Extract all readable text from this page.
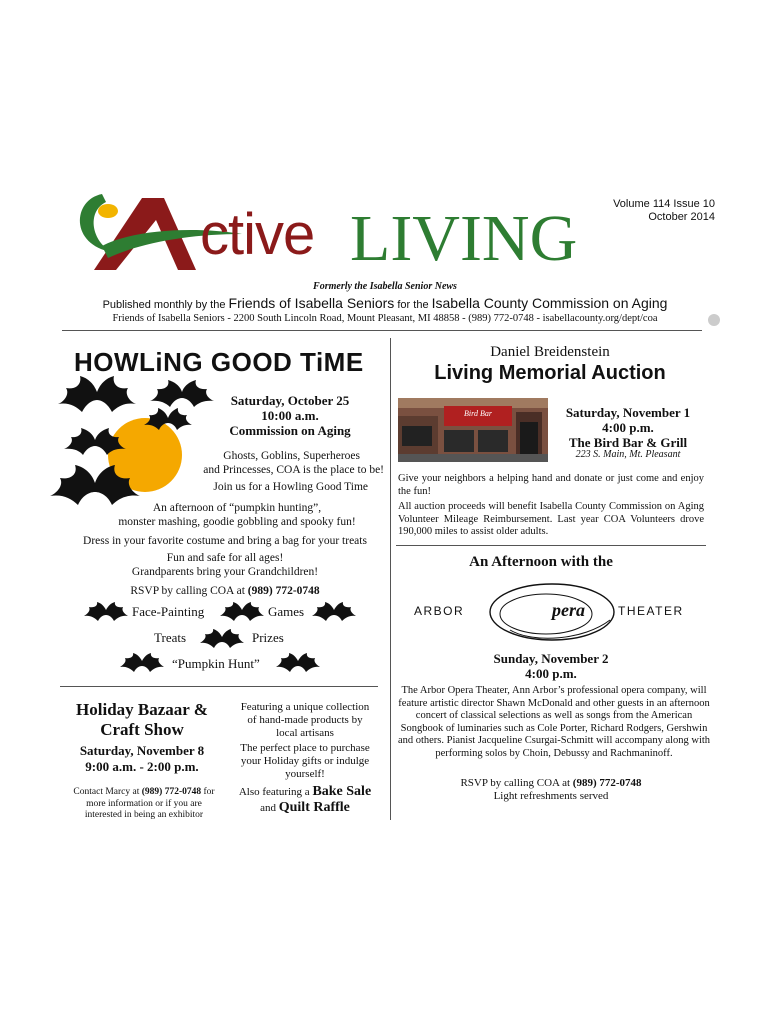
Volume 114 Issue 10
October 2014
ctive LIVING
Formerly the Isabella Senior News
Published monthly by the Friends of Isabella Seniors for the Isabella County Commission on Aging
Friends of Isabella Seniors - 2200 South Lincoln Road, Mount Pleasant, MI 48858 - (989) 772-0748 - isabellacounty.org/dept/coa
HOWLiNG GOOD TiME
Saturday, October 25
10:00 a.m.
Commission on Aging
Ghosts, Goblins, Superheroes
and Princesses, COA is the place to be!
Join us for a Howling Good Time
An afternoon of “pumpkin hunting”,
monster mashing, goodie gobbling and spooky fun!
Dress in your favorite costume and bring a bag for your treats
Fun and safe for all ages!
Grandparents bring your Grandchildren!
RSVP by calling COA at (989) 772-0748
Face-Painting	Games
Treats	Prizes
“Pumpkin Hunt”
Holiday Bazaar &
Craft Show
Saturday, November 8
9:00 a.m. - 2:00 p.m.
Contact Marcy at (989) 772-0748 for
more information or if you are
interested in being an exhibitor
Featuring a unique collection
of hand-made products by
local artisans
The perfect place to purchase
your Holiday gifts or indulge
yourself!
Also featuring a Bake Sale
and Quilt Raffle
Daniel Breidenstein
Living Memorial Auction
Bird Bar	Saturday, November 1
4:00 p.m.
The Bird Bar & Grill
223 S. Main, Mt. Pleasant
Give your neighbors a helping hand and donate or just come and enjoy the fun!
All auction proceeds will benefit Isabella County Commission on Aging Volunteer Mileage Reimbursement. Last year COA Volunteers drove 190,000 miles to assist older adults.
An Afternoon with the
ARBOR	pera	THEATER
Sunday, November 2
4:00 p.m.
The Arbor Opera Theater, Ann Arbor’s professional opera company, will feature artistic director Shawn McDonald and other guests in an afternoon concert of classical selections as well as songs from the American Songbook of luminaries such as Cole Porter, Richard Rodgers, Gershwin and others. Pianist Jacqueline Csurgai-Schmitt will accompany along with performing solos by Choin, Debussy and Rachmaninoff.
RSVP by calling COA at (989) 772-0748
Light refreshments served
